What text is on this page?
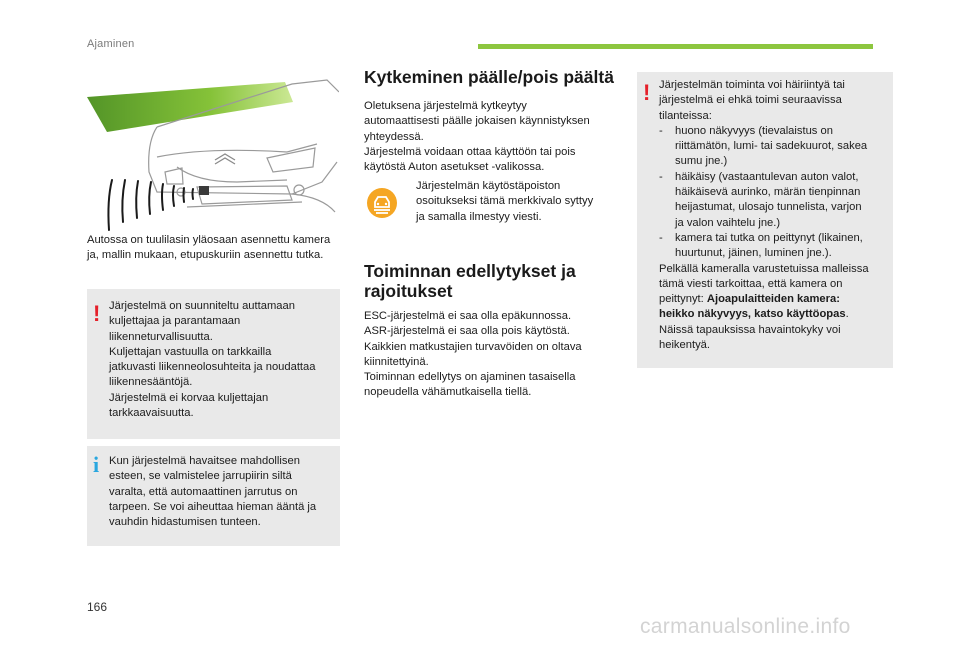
Ajaminen
Autossa on tuulilasin yläosaan asennettu kamera ja, mallin mukaan, etupuskuriin asennettu tutka.
! Järjestelmä on suunniteltu auttamaan
kuljettajaa ja parantamaan
liikenneturvallisuutta.
Kuljettajan vastuulla on tarkkailla
jatkuvasti liikenneolosuhteita ja noudattaa
liikennesääntöjä.
Järjestelmä ei korvaa kuljettajan
tarkkaavaisuutta.
i Kun järjestelmä havaitsee mahdollisen
esteen, se valmistelee jarrupiirin siltä
varalta, että automaattinen jarrutus on
tarpeen. Se voi aiheuttaa hieman ääntä ja
vauhdin hidastumisen tunteen.
Kytkeminen päälle/pois päältä
Oletuksena järjestelmä kytkeytyy
automaattisesti päälle jokaisen käynnistyksen
yhteydessä.
Järjestelmä voidaan ottaa käyttöön tai pois
käytöstä Auton asetukset -valikossa.
Järjestelmän käytöstäpoiston
osoitukseksi tämä merkkivalo syttyy
ja samalla ilmestyy viesti.
Toiminnan edellytykset ja
rajoitukset
ESC-järjestelmä ei saa olla epäkunnossa.
ASR-järjestelmä ei saa olla pois käytöstä.
Kaikkien matkustajien turvavöiden on oltava
kiinnitettyinä.
Toiminnan edellytys on ajaminen tasaisella
nopeudella vähämutkaisella tiellä.
! Järjestelmän toiminta voi häiriintyä tai
järjestelmä ei ehkä toimi seuraavissa
tilanteissa:
- huono näkyvyys (tievalaistus on
riittämätön, lumi- tai sadekuurot, sakea
sumu jne.)
- häikäisy (vastaantulevan auton valot,
häikäisevä aurinko, märän tienpinnan
heijastumat, ulosajo tunnelista, varjon
ja valon vaihtelu jne.)
- kamera tai tutka on peittynyt (likainen,
huurtunut, jäinen, luminen jne.).
Pelkällä kameralla varustetuissa malleissa
tämä viesti tarkoittaa, että kamera on
peittynyt: Ajoapulaitteiden kamera:
heikko näkyvyys, katso käyttöopas.
Näissä tapauksissa havaintokyky voi
heikentyä.
166
carmanualsonline.info
